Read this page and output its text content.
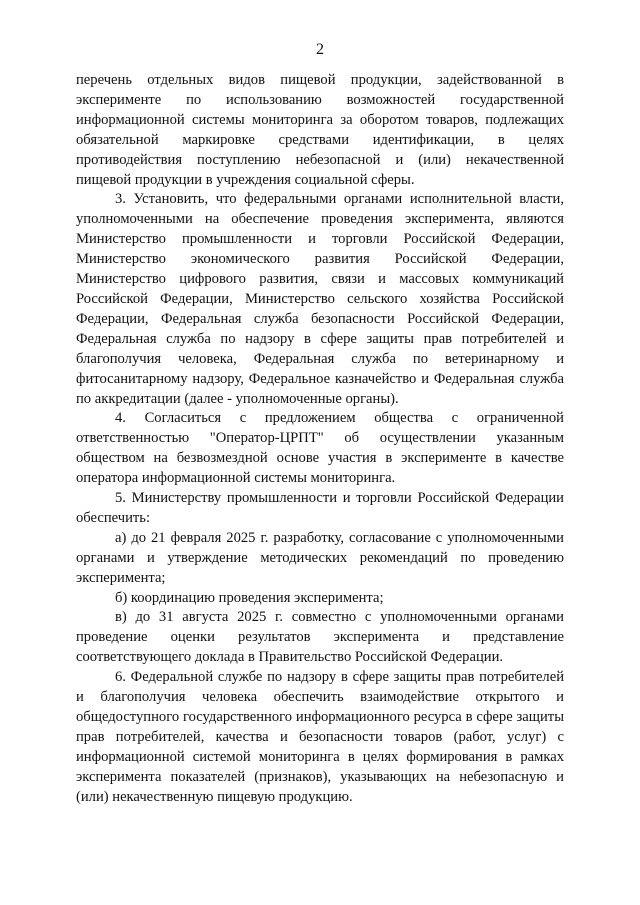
2

перечень отдельных видов пищевой продукции, задействованной в эксперименте по использованию возможностей государственной информационной системы мониторинга за оборотом товаров, подлежащих обязательной маркировке средствами идентификации, в целях противодействия поступлению небезопасной и (или) некачественной пищевой продукции в учреждения социальной сферы.

3. Установить, что федеральными органами исполнительной власти, уполномоченными на обеспечение проведения эксперимента, являются Министерство промышленности и торговли Российской Федерации, Министерство экономического развития Российской Федерации, Министерство цифрового развития, связи и массовых коммуникаций Российской Федерации, Министерство сельского хозяйства Российской Федерации, Федеральная служба безопасности Российской Федерации, Федеральная служба по надзору в сфере защиты прав потребителей и благополучия человека, Федеральная служба по ветеринарному и фитосанитарному надзору, Федеральное казначейство и Федеральная служба по аккредитации (далее - уполномоченные органы).

4. Согласиться с предложением общества с ограниченной ответственностью "Оператор-ЦРПТ" об осуществлении указанным обществом на безвозмездной основе участия в эксперименте в качестве оператора информационной системы мониторинга.

5. Министерству промышленности и торговли Российской Федерации обеспечить:

а) до 21 февраля 2025 г. разработку, согласование с уполномоченными органами и утверждение методических рекомендаций по проведению эксперимента;

б) координацию проведения эксперимента;

в) до 31 августа 2025 г. совместно с уполномоченными органами проведение оценки результатов эксперимента и представление соответствующего доклада в Правительство Российской Федерации.

6. Федеральной службе по надзору в сфере защиты прав потребителей и благополучия человека обеспечить взаимодействие открытого и общедоступного государственного информационного ресурса в сфере защиты прав потребителей, качества и безопасности товаров (работ, услуг) с информационной системой мониторинга в целях формирования в рамках эксперимента показателей (признаков), указывающих на небезопасную и (или) некачественную пищевую продукцию.
